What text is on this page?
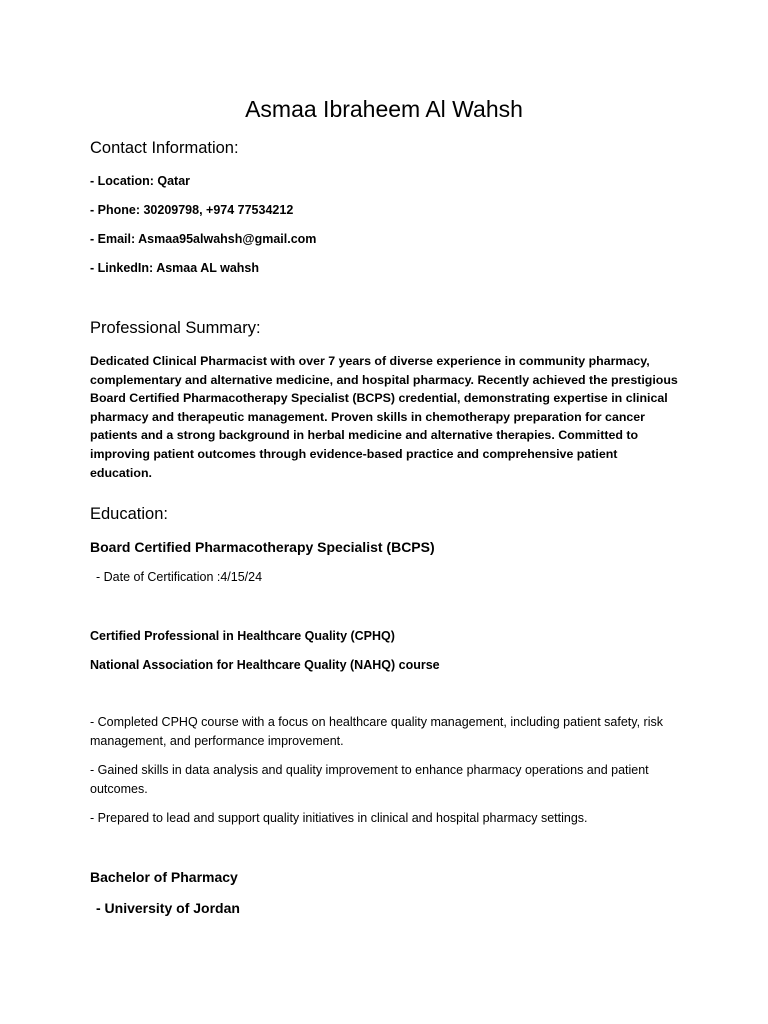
Asmaa Ibraheem Al Wahsh
Contact Information:

- Location: Qatar

- Phone: 30209798, +974 77534212

- Email: Asmaa95alwahsh@gmail.com

- LinkedIn: Asmaa AL wahsh

Professional Summary:

Dedicated Clinical Pharmacist with over 7 years of diverse experience in community pharmacy, complementary and alternative medicine, and hospital pharmacy. Recently achieved the prestigious Board Certified Pharmacotherapy Specialist (BCPS) credential, demonstrating expertise in clinical pharmacy and therapeutic management. Proven skills in chemotherapy preparation for cancer patients and a strong background in herbal medicine and alternative therapies. Committed to improving patient outcomes through evidence-based practice and comprehensive patient education.

Education:
Board Certified Pharmacotherapy Specialist (BCPS)

- Date of Certification :4/15/24

Certified Professional in Healthcare Quality (CPHQ)
National Association for Healthcare Quality (NAHQ) course

- Completed CPHQ course with a focus on healthcare quality management, including patient safety, risk management, and performance improvement.

- Gained skills in data analysis and quality improvement to enhance pharmacy operations and patient outcomes.

- Prepared to lead and support quality initiatives in clinical and hospital pharmacy settings.

Bachelor of Pharmacy
- University of Jordan
